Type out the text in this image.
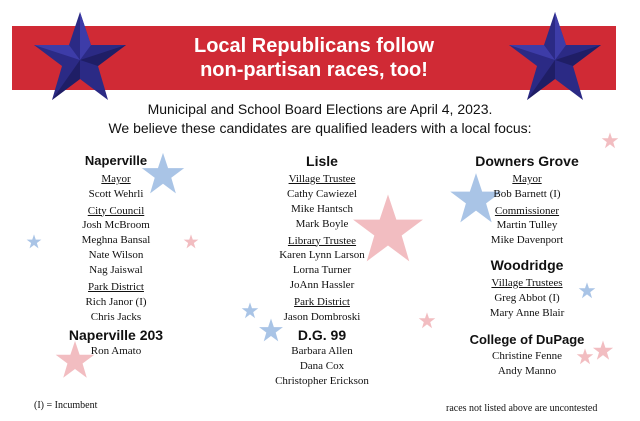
Local Republicans follow
non-partisan races, too!
Municipal and School Board Elections are April 4, 2023.
We believe these candidates are qualified leaders with a local focus:
Naperville
Mayor
Scott Wehrli
City Council
Josh McBroom
Meghna Bansal
Nate Wilson
Nag Jaiswal
Park District
Rich Janor (I)
Chris Jacks
Naperville 203
Ron Amato
Lisle
Village Trustee
Cathy Cawiezel
Mike Hantsch
Mark Boyle
Library Trustee
Karen Lynn Larson
Lorna Turner
JoAnn Hassler
Park District
Jason Dombroski
D.G. 99
Barbara Allen
Dana Cox
Christopher Erickson
Downers Grove
Mayor
Bob Barnett (I)
Commissioner
Martin Tulley
Mike Davenport
Woodridge
Village Trustees
Greg Abbot (I)
Mary Anne Blair
College of DuPage
Christine Fenne
Andy Manno
(I) = Incumbent	races not listed above are uncontested
